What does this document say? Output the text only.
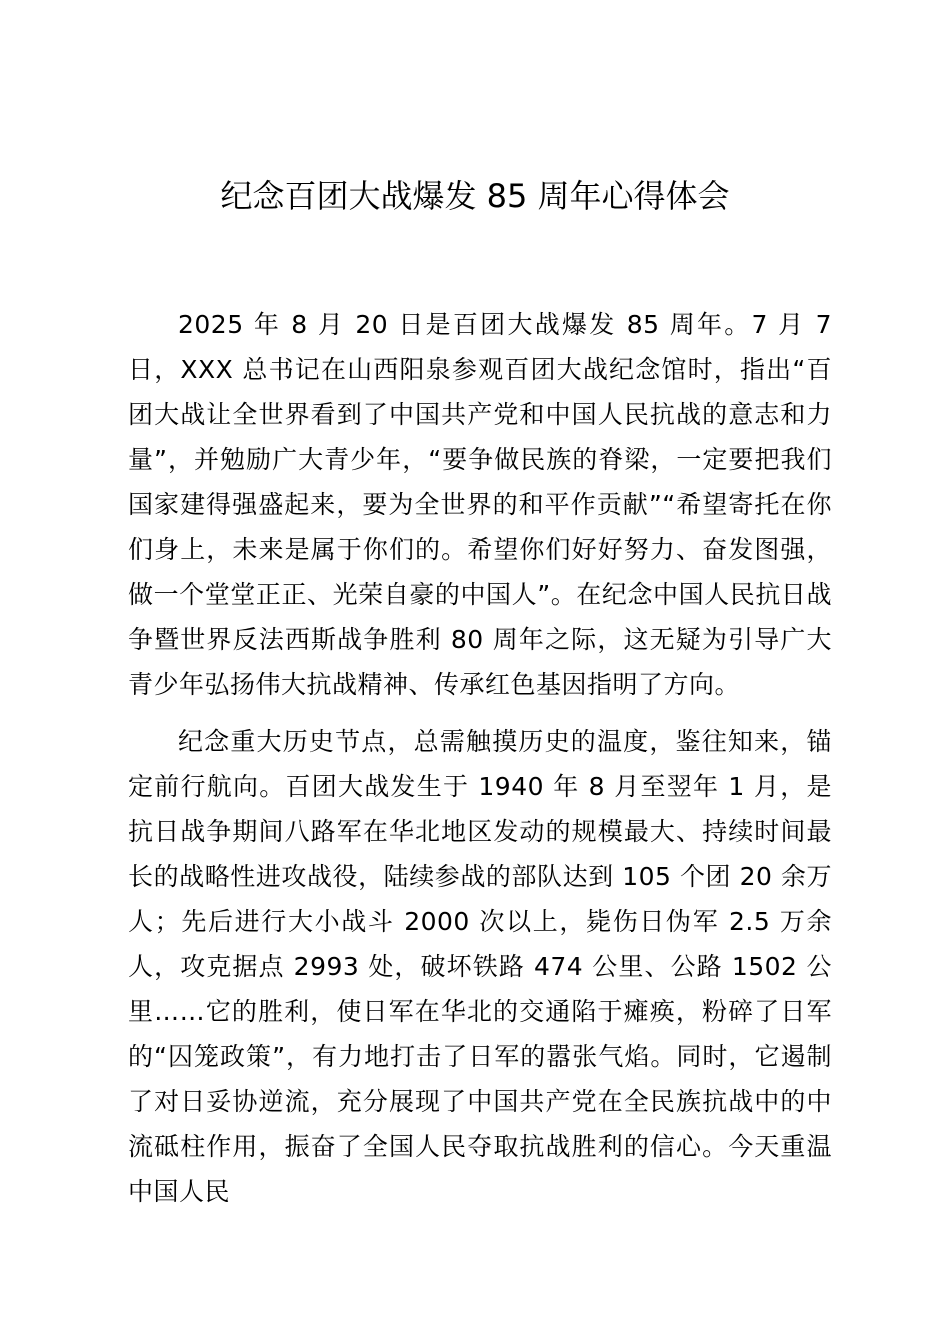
纪念百团大战爆发 85 周年心得体会

2025 年 8 月 20 日是百团大战爆发 85 周年。7 月 7 日，XXX 总书记在山西阳泉参观百团大战纪念馆时，指出“百团大战让全世界看到了中国共产党和中国人民抗战的意志和力量”，并勉励广大青少年，“要争做民族的脊梁，一定要把我们国家建得强盛起来，要为全世界的和平作贡献”“希望寄托在你们身上，未来是属于你们的。希望你们好好努力、奋发图强，做一个堂堂正正、光荣自豪的中国人”。在纪念中国人民抗日战争暨世界反法西斯战争胜利 80 周年之际，这无疑为引导广大青少年弘扬伟大抗战精神、传承红色基因指明了方向。

纪念重大历史节点，总需触摸历史的温度，鉴往知来，锚定前行航向。百团大战发生于 1940 年 8 月至翌年 1 月，是抗日战争期间八路军在华北地区发动的规模最大、持续时间最长的战略性进攻战役，陆续参战的部队达到 105 个团 20 余万人；先后进行大小战斗 2000 次以上，毙伤日伪军 2.5 万余人，攻克据点 2993 处，破坏铁路 474 公里、公路 1502 公里……它的胜利，使日军在华北的交通陷于瘫痪，粉碎了日军的“囚笼政策”，有力地打击了日军的嚣张气焰。同时，它遏制了对日妥协逆流，充分展现了中国共产党在全民族抗战中的中流砥柱作用，振奋了全国人民夺取抗战胜利的信心。今天重温中国人民
